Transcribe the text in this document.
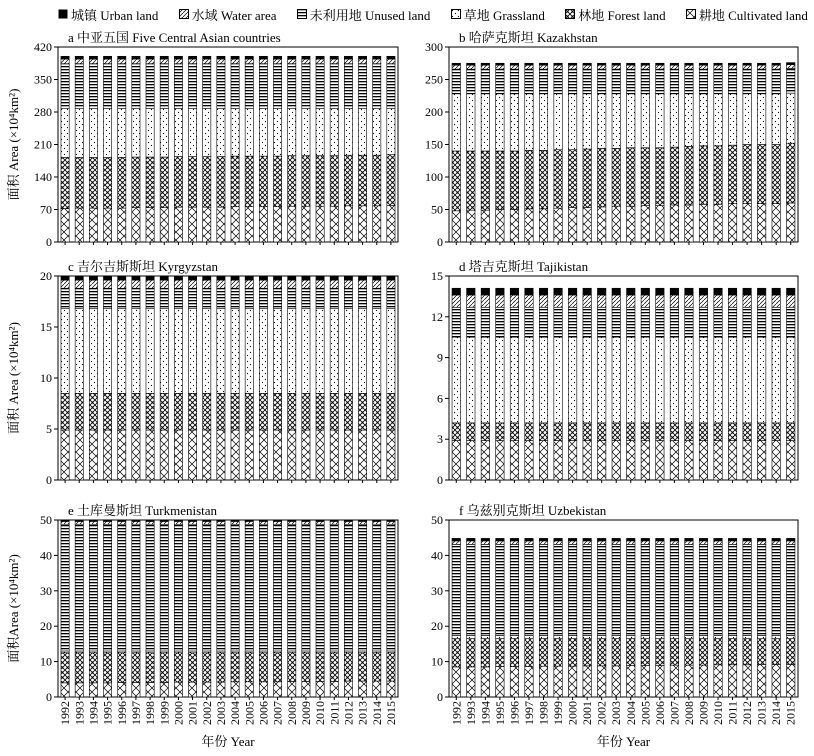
城镇 Urban land	水域 Water area	未利用地 Unused land	草地 Grassland	林地 Forest land	耕地 Cultivated land
a 中亚五国 Five Central Asian countries
0
70
140
210
280
350
420
面积 Area (×10⁴km²)
b 哈萨克斯坦 Kazakhstan
0
50
100
150
200
250
300
c 吉尔吉斯斯坦 Kyrgyzstan
0
5
10
15
20
面积 Area (×10⁴km²)
d 塔吉克斯坦 Tajikistan
0
3
6
9
12
15
e 土库曼斯坦 Turkmenistan
0
10
20
30
40
50
面积Area (×10⁴km²)
1992 1993 1994 1995 1996 1997 1998 1999 2000 2001 2002 2003 2004 2005 2006 2007 2008 2009 2010 2011 2012 2013 2014 2015
年份 Year
f 乌兹别克斯坦 Uzbekistan
0
10
20
30
40
50
1992 1993 1994 1995 1996 1997 1998 1999 2000 2001 2002 2003 2004 2005 2006 2007 2008 2009 2010 2011 2012 2013 2014 2015
年份 Year
